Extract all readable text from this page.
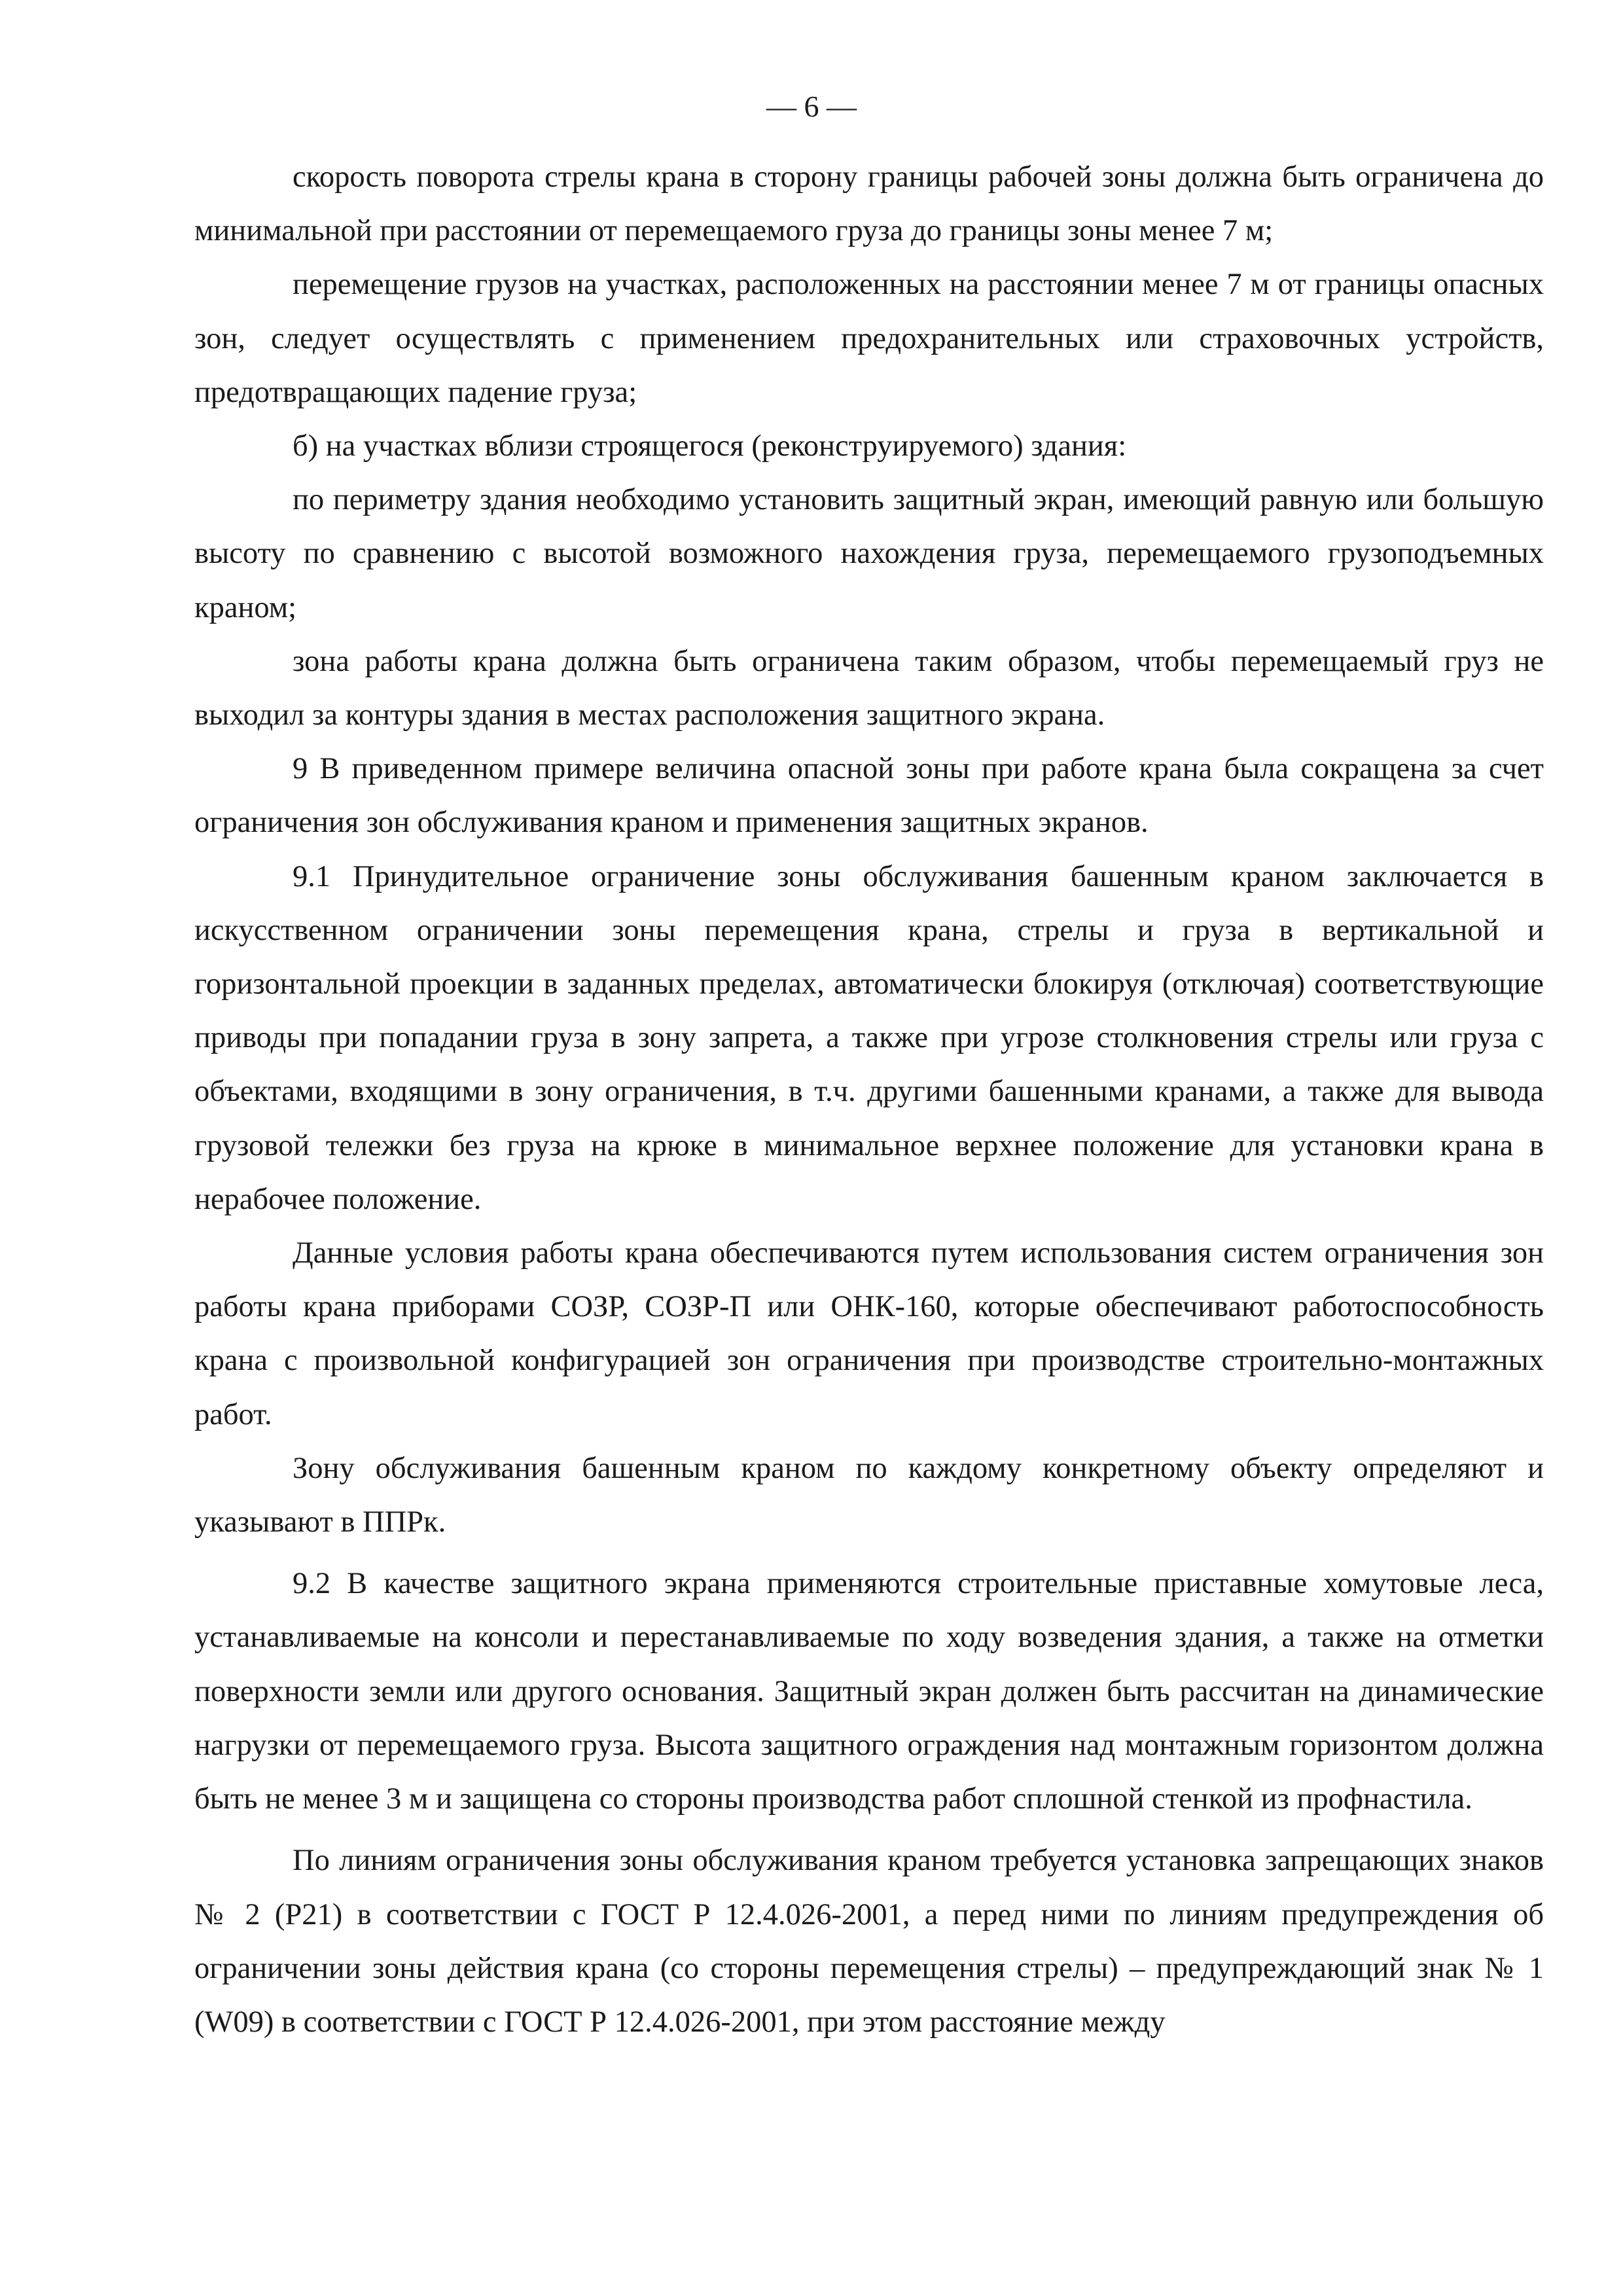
— 6 —

скорость поворота стрелы крана в сторону границы рабочей зоны должна быть ограничена до минимальной при расстоянии от перемещаемого груза до границы зоны менее 7 м;

перемещение грузов на участках, расположенных на расстоянии менее 7 м от границы опасных зон, следует осуществлять с применением предохранительных или страховочных устройств, предотвращающих падение груза;

б) на участках вблизи строящегося (реконструируемого) здания:

по периметру здания необходимо установить защитный экран, имеющий равную или большую высоту по сравнению с высотой возможного нахождения груза, перемещаемого грузоподъемных краном;

зона работы крана должна быть ограничена таким образом, чтобы перемещаемый груз не выходил за контуры здания в местах расположения защитного экрана.

9 В приведенном примере величина опасной зоны при работе крана была сокращена за счет ограничения зон обслуживания краном и применения защитных экранов.

9.1 Принудительное ограничение зоны обслуживания башенным краном заключается в искусственном ограничении зоны перемещения крана, стрелы и груза в вертикальной и горизонтальной проекции в заданных пределах, автоматически блокируя (отключая) соответствующие приводы при попадании груза в зону запрета, а также при угрозе столкновения стрелы или груза с объектами, входящими в зону ограничения, в т.ч. другими башенными кранами, а также для вывода грузовой тележки без груза на крюке в минимальное верхнее положение для установки крана в нерабочее положение.

Данные условия работы крана обеспечиваются путем использования систем ограничения зон работы крана приборами СОЗР, СОЗР-П или ОНК-160, которые обеспечивают работоспособность крана с произвольной конфигурацией зон ограничения при производстве строительно-монтажных работ.

Зону обслуживания башенным краном по каждому конкретному объекту определяют и указывают в ППРк.

9.2 В качестве защитного экрана применяются строительные приставные хомутовые леса, устанавливаемые на консоли и перестанавливаемые по ходу возведения здания, а также на отметки поверхности земли или другого основания. Защитный экран должен быть рассчитан на динамические нагрузки от перемещаемого груза. Высота защитного ограждения над монтажным горизонтом должна быть не менее 3 м и защищена со стороны производства работ сплошной стенкой из профнастила.

По линиям ограничения зоны обслуживания краном требуется установка запрещающих знаков № 2 (Р21) в соответствии с ГОСТ Р 12.4.026-2001, а перед ними по линиям предупреждения об ограничении зоны действия крана (со стороны перемещения стрелы) – предупреждающий знак № 1 (W09) в соответствии с ГОСТ Р 12.4.026-2001, при этом расстояние между
